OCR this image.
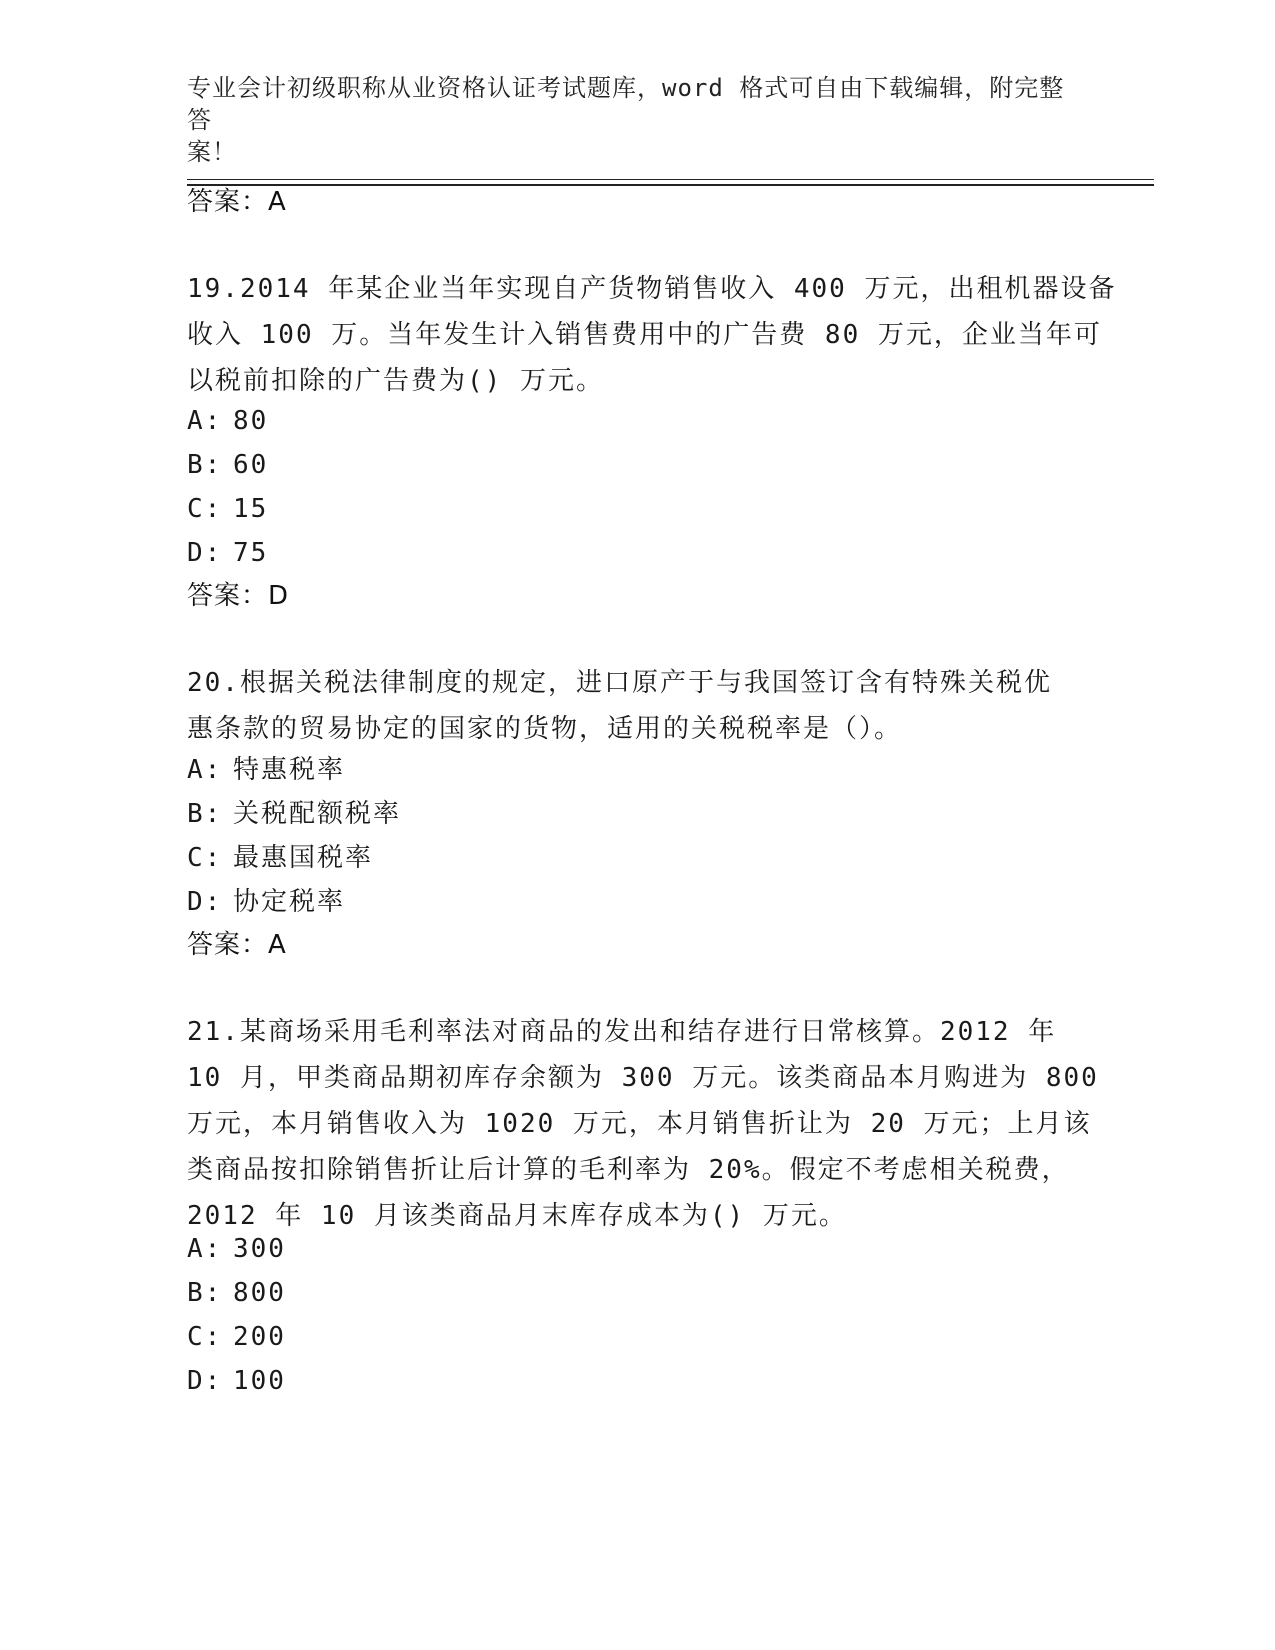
专业会计初级职称从业资格认证考试题库，word 格式可自由下载编辑，附完整答
案！
答案：A
19.2014 年某企业当年实现自产货物销售收入 400 万元，出租机器设备
收入 100 万。当年发生计入销售费用中的广告费 80 万元，企业当年可
以税前扣除的广告费为() 万元。
A: 80
B: 60
C: 15
D: 75
答案：D
20.根据关税法律制度的规定，进口原产于与我国签订含有特殊关税优
惠条款的贸易协定的国家的货物，适用的关税税率是（）。
A: 特惠税率
B: 关税配额税率
C: 最惠国税率
D: 协定税率
答案：A
21.某商场采用毛利率法对商品的发出和结存进行日常核算。2012 年
10 月，甲类商品期初库存余额为 300 万元。该类商品本月购进为 800
万元，本月销售收入为 1020 万元，本月销售折让为 20 万元；上月该
类商品按扣除销售折让后计算的毛利率为 20%。假定不考虑相关税费，
2012 年 10 月该类商品月末库存成本为() 万元。
A: 300
B: 800
C: 200
D: 100
